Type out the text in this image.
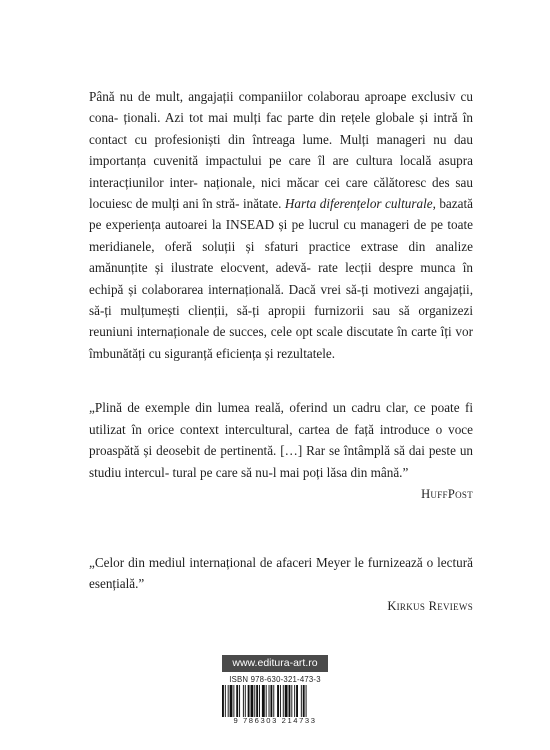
Până nu de mult, angajații companiilor colaborau aproape exclusiv cu cona- ționali. Azi tot mai mulți fac parte din rețele globale și intră în contact cu profesioniști din întreaga lume. Mulți manageri nu dau importanța cuvenită impactului pe care îl are cultura locală asupra interacțiunilor inter- naționale, nici măcar cei care călătoresc des sau locuiesc de mulți ani în stră- inătate. Harta diferențelor culturale, bazată pe experiența autoarei la INSEAD și pe lucrul cu manageri de pe toate meridianele, oferă soluții și sfaturi practice extrase din analize amănunțite și ilustrate elocvent, adevă- rate lecții despre munca în echipă și colaborarea internațională. Dacă vrei să-ți motivezi angajații, să-ți mulțumești clienții, să-ți apropii furnizorii sau să organizezi reuniuni internaționale de succes, cele opt scale discutate în carte îți vor îmbunătăți cu siguranță eficiența și rezultatele.

„Plină de exemple din lumea reală, oferind un cadru clar, ce poate fi utilizat în orice context intercultural, cartea de față introduce o voce proaspătă și deosebit de pertinentă. […] Rar se întâmplă să dai peste un studiu intercul- tural pe care să nu-l mai poți lăsa din mână.”

HuffPost

„Celor din mediul internațional de afaceri Meyer le furnizează o lectură esențială.”

Kirkus Reviews

www.editura-art.ro
ISBN 978-630-321-473-3
9 786303 214733
